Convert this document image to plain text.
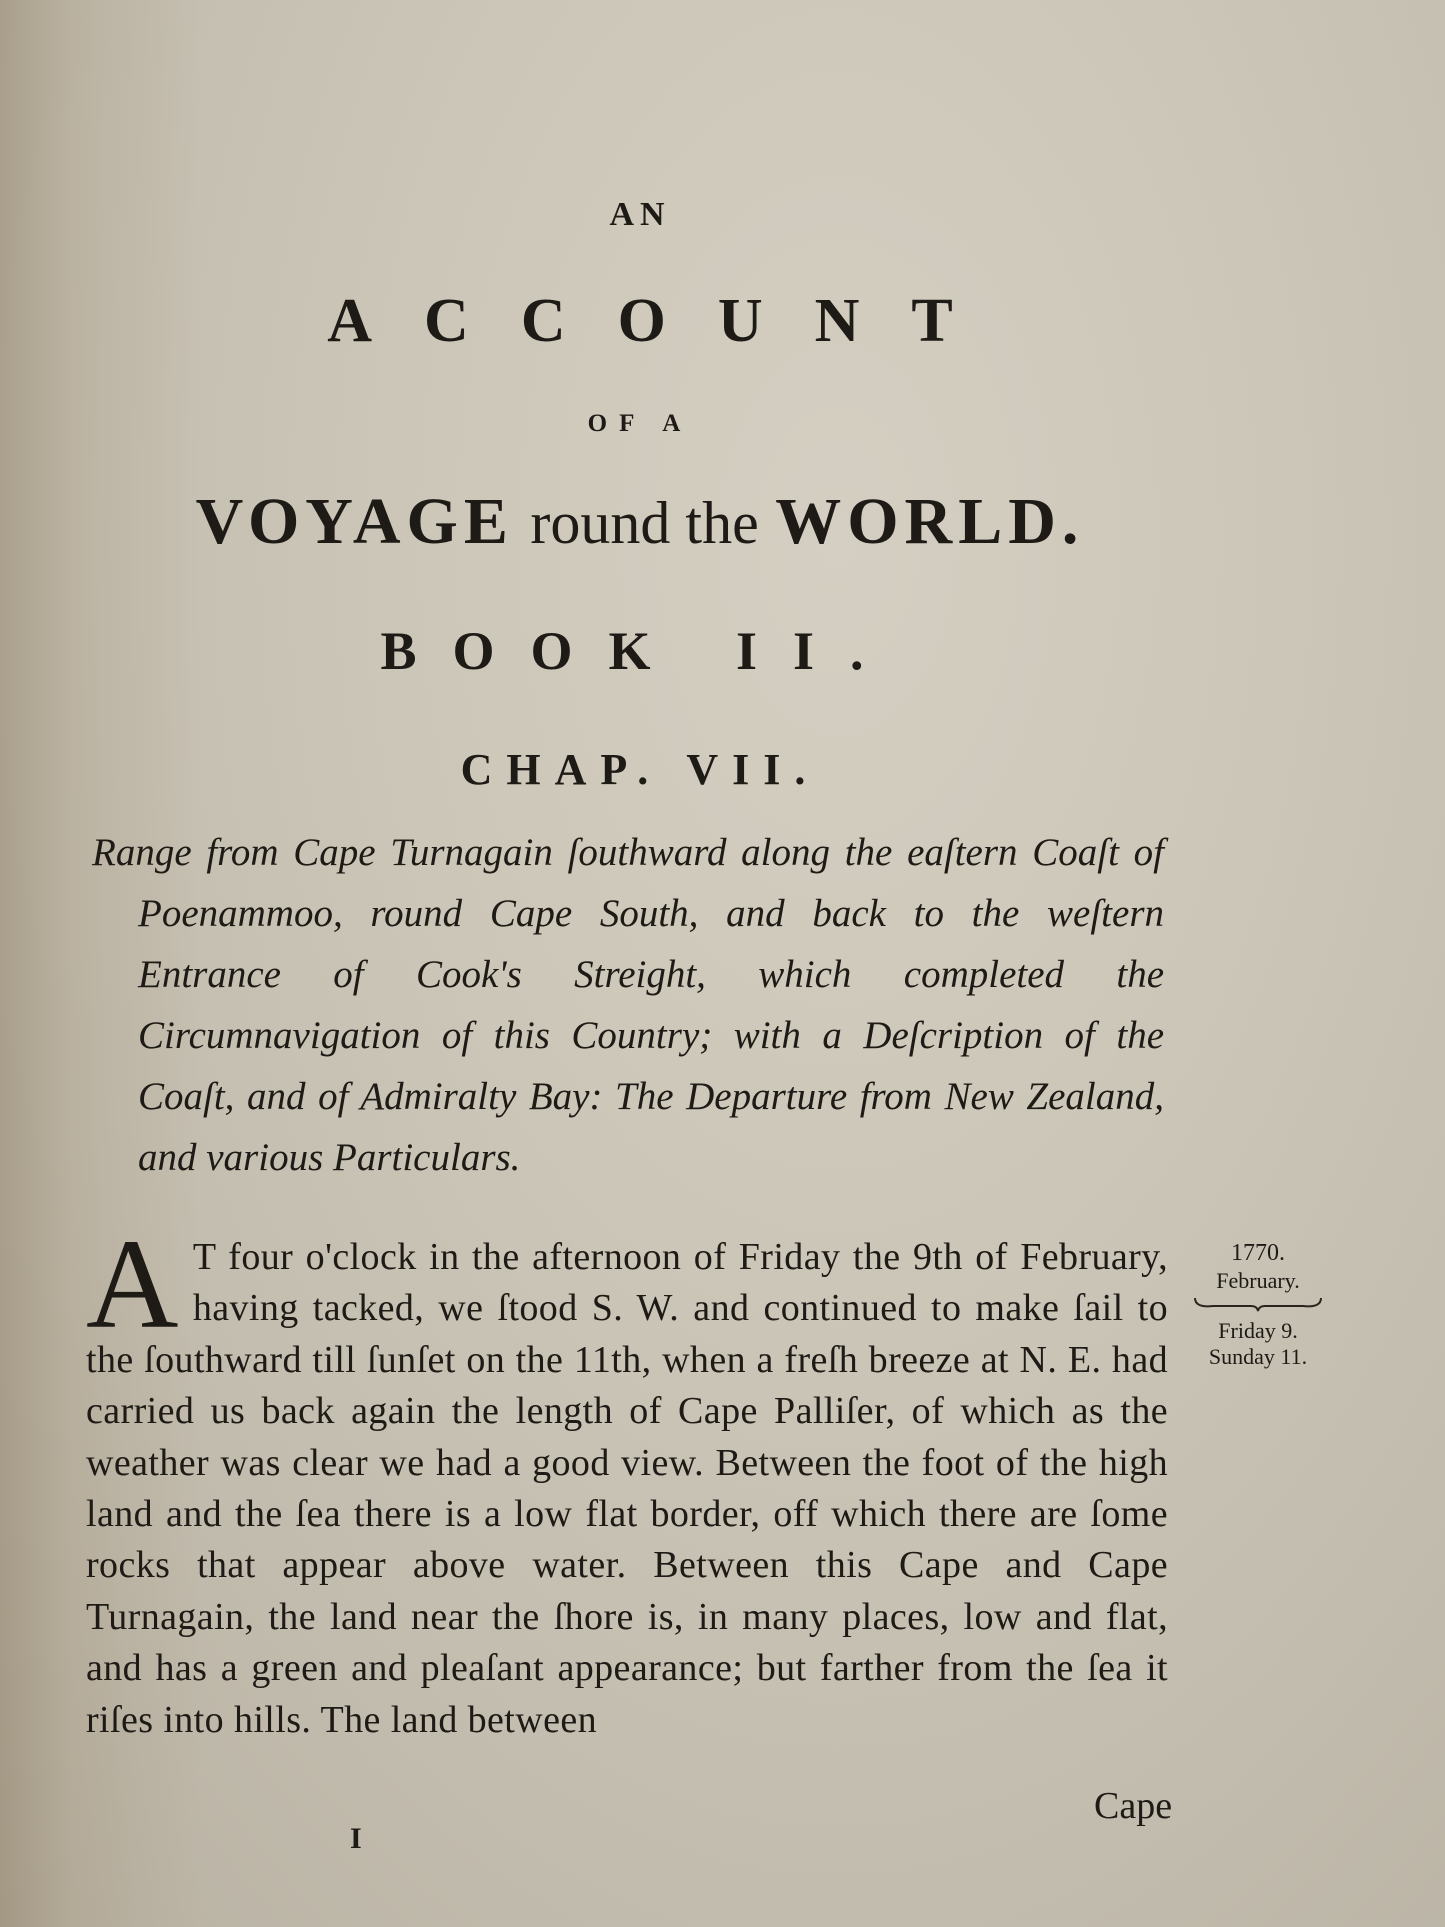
AN
ACCOUNT
OF A
VOYAGE round the WORLD.
BOOK II.
CHAP. VII.
Range from Cape Turnagain ſouthward along the eaſtern Coaſt of Poenammoo, round Cape South, and back to the weſtern Entrance of Cook's Streight, which completed the Circumnavigation of this Country; with a Deſcription of the Coaſt, and of Admiralty Bay: The Departure from New Zealand, and various Particulars.
A T four o'clock in the afternoon of Friday the 9th of February, having tacked, we ſtood S. W. and continued to make ſail to the ſouthward till ſunſet on the 11th, when a freſh breeze at N. E. had carried us back again the length of Cape Palliſer, of which as the weather was clear we had a good view. Between the foot of the high land and the ſea there is a low flat border, off which there are ſome rocks that appear above water. Between this Cape and Cape Turnagain, the land near the ſhore is, in many places, low and flat, and has a green and pleaſant appearance; but farther from the ſea it riſes into hills. The land between
Cape
I
1770.
February.
Friday 9.
Sunday 11.
